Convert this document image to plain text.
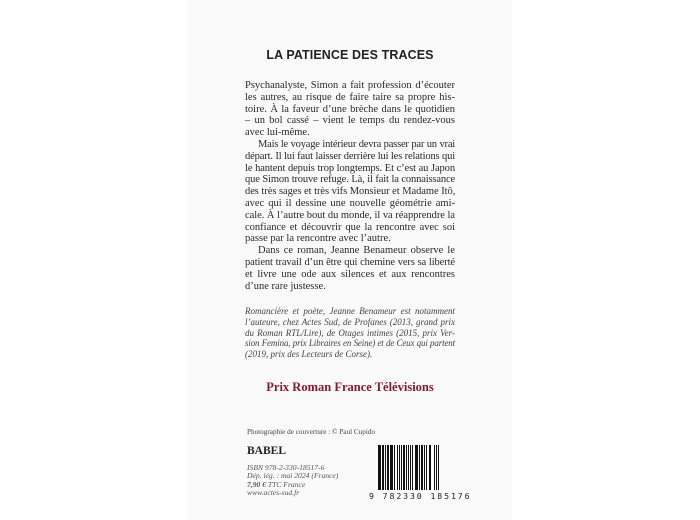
LA PATIENCE DES TRACES
Psychanalyste, Simon a fait profession d’écouter
les autres, au risque de faire taire sa propre his-
toire. À la faveur d’une brèche dans le quotidien
– un bol cassé – vient le temps du rendez-vous
avec lui-même.
Mais le voyage intérieur devra passer par un vrai
départ. Il lui faut laisser derrière lui les relations qui
le hantent depuis trop longtemps. Et c’est au Japon
que Simon trouve refuge. Là, il fait la connaissance
des très sages et très vifs Monsieur et Madame Itô,
avec qui il dessine une nouvelle géométrie ami-
cale. À l’autre bout du monde, il va réapprendre la
confiance et découvrir que la rencontre avec soi
passe par la rencontre avec l’autre.
Dans ce roman, Jeanne Benameur observe le
patient travail d’un être qui chemine vers sa liberté
et livre une ode aux silences et aux rencontres
d’une rare justesse.
Romancière et poète, Jeanne Benameur est notamment
l’auteure, chez Actes Sud, de Profanes (2013, grand prix
du Roman RTL/Lire), de Otages intimes (2015, prix Ver-
sion Femina, prix Libraires en Seine) et de Ceux qui partent
(2019, prix des Lecteurs de Corse).
Prix Roman France Télévisions
Photographie de couverture : © Paul Cupido
BABEL
ISBN 978-2-330-18517-6
Dép. lég. : mai 2024 (France)
7,90 € TTC France
www.actes-sud.fr	9 782330 185176
